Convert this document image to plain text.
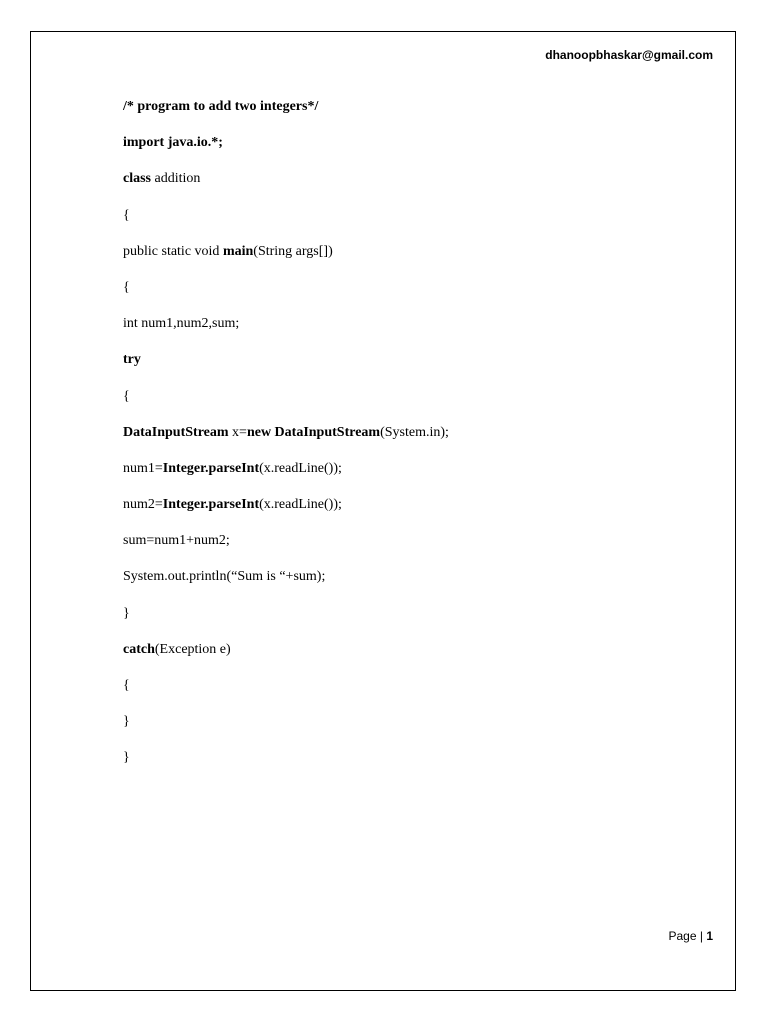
dhanoopbhaskar@gmail.com
/* program to add two integers*/
import java.io.*;
class addition
{
public static void main(String args[])
{
int num1,num2,sum;
try
{
DataInputStream x=new DataInputStream(System.in);
num1=Integer.parseInt(x.readLine());
num2=Integer.parseInt(x.readLine());
sum=num1+num2;
System.out.println(“Sum is “+sum);
}
catch(Exception e)
{
}
}
Page | 1
